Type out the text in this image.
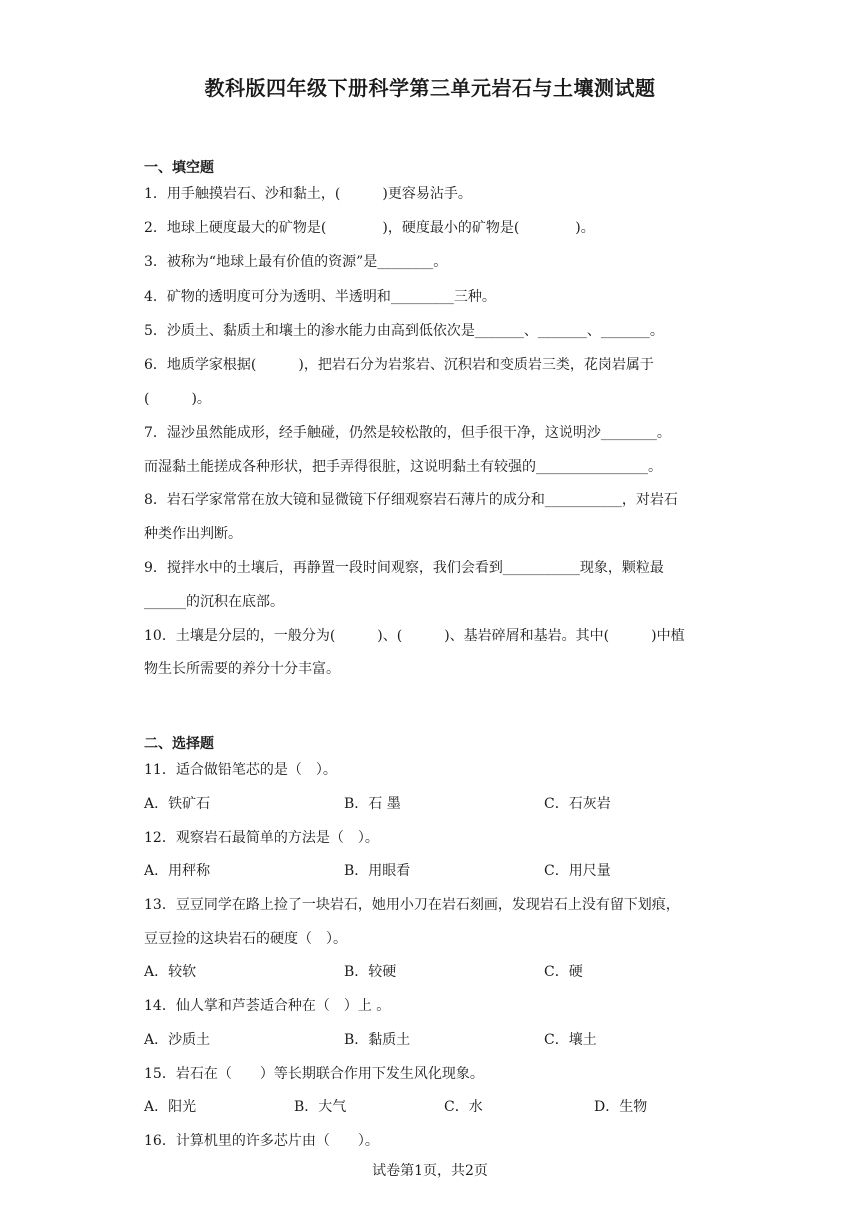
教科版四年级下册科学第三单元岩石与土壤测试题
一、填空题
1．用手触摸岩石、沙和黏土，(　　　)更容易沾手。
2．地球上硬度最大的矿物是(　　　　)，硬度最小的矿物是(　　　　)。
3．被称为“地球上最有价值的资源”是________。
4．矿物的透明度可分为透明、半透明和_________三种。
5．沙质土、黏质土和壤土的渗水能力由高到低依次是_______、_______、_______。
6．地质学家根据(　　　)，把岩石分为岩浆岩、沉积岩和变质岩三类，花岗岩属于
(　　　)。
7．湿沙虽然能成形，经手触碰，仍然是较松散的，但手很干净，这说明沙________。
而湿黏土能搓成各种形状，把手弄得很脏，这说明黏土有较强的________________。
8．岩石学家常常在放大镜和显微镜下仔细观察岩石薄片的成分和___________，对岩石
种类作出判断。
9．搅拌水中的土壤后，再静置一段时间观察，我们会看到___________现象，颗粒最
______的沉积在底部。
10．土壤是分层的，一般分为(　　　)、(　　　)、基岩碎屑和基岩。其中(　　　)中植
物生长所需要的养分十分丰富。
二、选择题
11．适合做铅笔芯的是（　）。
A．铁矿石	B．石 墨	C．石灰岩
12．观察岩石最简单的方法是（　）。
A．用秤称	B．用眼看	C．用尺量
13．豆豆同学在路上捡了一块岩石，她用小刀在岩石刻画，发现岩石上没有留下划痕，
豆豆捡的这块岩石的硬度（　）。
A．较软	B．较硬	C．硬
14．仙人掌和芦荟适合种在（　）上 。
A．沙质土	B．黏质土	C．壤土
15．岩石在（　　）等长期联合作用下发生风化现象。
A．阳光	B．大气	C．水	D．生物
16．计算机里的许多芯片由（　　）。
试卷第1页，共2页
